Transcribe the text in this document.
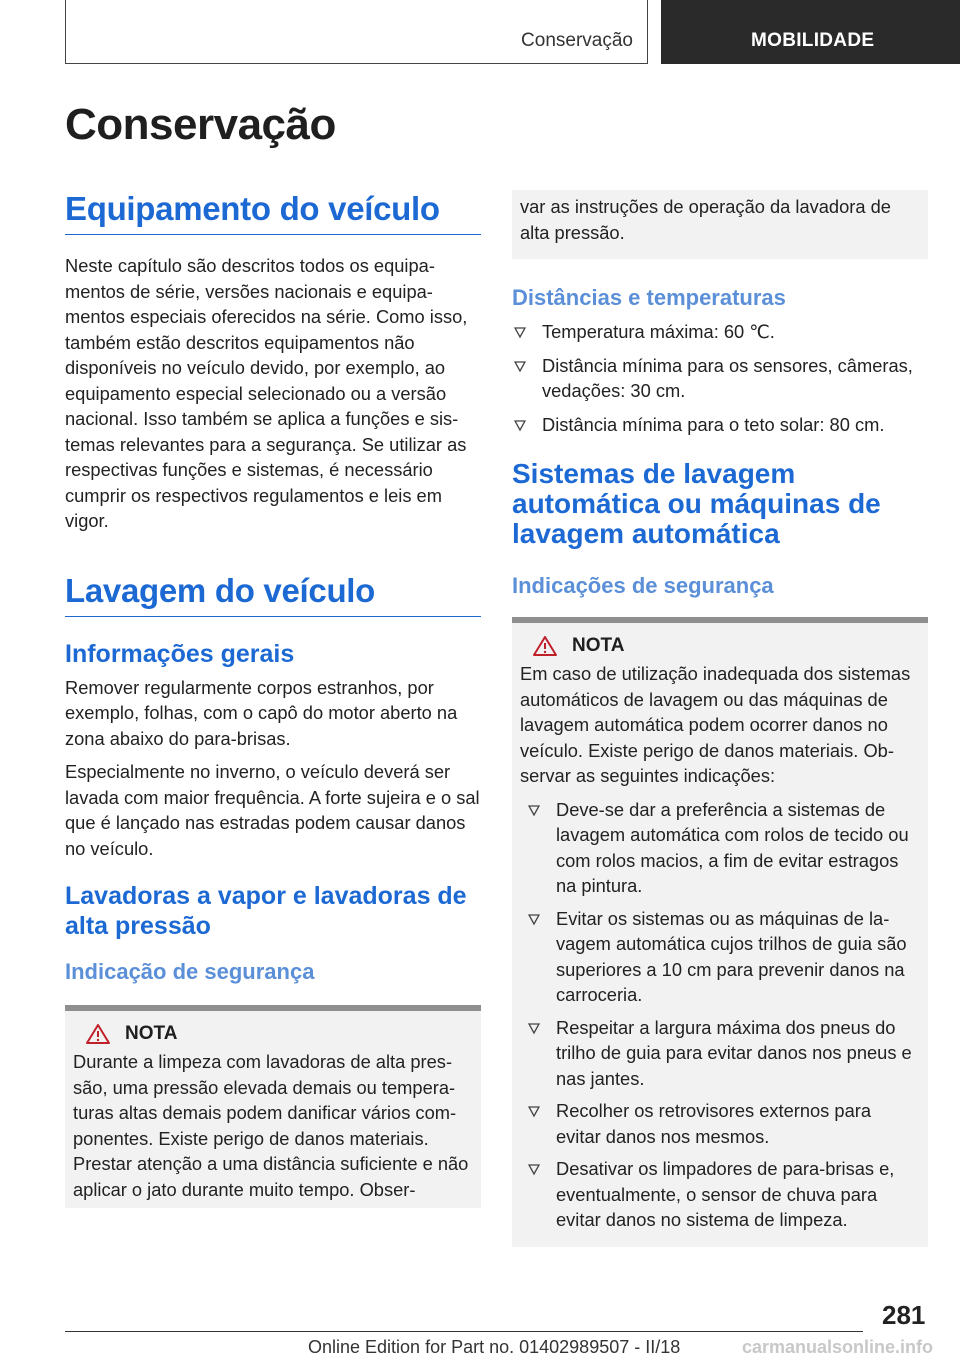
Conservação	MOBILIDADE
Conservação
Equipamento do veículo

Neste capítulo são descritos todos os equipamentos de série, versões nacionais e equipamentos especiais oferecidos na série. Como isso, também estão descritos equipamentos não disponíveis no veículo devido, por exemplo, ao equipamento especial selecionado ou a versão nacional. Isso também se aplica a funções e sistemas relevantes para a segurança. Se utilizar as respectivas funções e sistemas, é necessário cumprir os respectivos regulamentos e leis em vigor.

Lavagem do veículo
Informações gerais

Remover regularmente corpos estranhos, por exemplo, folhas, com o capô do motor aberto na zona abaixo do para-brisas.

Especialmente no inverno, o veículo deverá ser lavada com maior frequência. A forte sujeira e o sal que é lançado nas estradas podem causar danos no veículo.

Lavadoras a vapor e lavadoras de alta pressão
Indicação de segurança
NOTA

Durante a limpeza com lavadoras de alta pressão, uma pressão elevada demais ou temperaturas altas demais podem danificar vários componentes. Existe perigo de danos materiais. Prestar atenção a uma distância suficiente e não aplicar o jato durante muito tempo. Obser-

var as instruções de operação da lavadora de alta pressão.

Distâncias e temperaturas
Temperatura máxima: 60 ℃.
Distância mínima para os sensores, câmeras, vedações: 30 cm.
Distância mínima para o teto solar: 80 cm.
Sistemas de lavagem automática ou máquinas de lavagem automática
Indicações de segurança
NOTA

Em caso de utilização inadequada dos sistemas automáticos de lavagem ou das máquinas de lavagem automática podem ocorrer danos no veículo. Existe perigo de danos materiais. Observar as seguintes indicações:

Deve-se dar a preferência a sistemas de lavagem automática com rolos de tecido ou com rolos macios, a fim de evitar estragos na pintura.
Evitar os sistemas ou as máquinas de lavagem automática cujos trilhos de guia são superiores a 10 cm para prevenir danos na carroceria.
Respeitar a largura máxima dos pneus do trilho de guia para evitar danos nos pneus e nas jantes.
Recolher os retrovisores externos para evitar danos nos mesmos.
Desativar os limpadores de para-brisas e, eventualmente, o sensor de chuva para evitar danos no sistema de limpeza.
281
Online Edition for Part no. 01402989507 - II/18	carmanualsonline.info
